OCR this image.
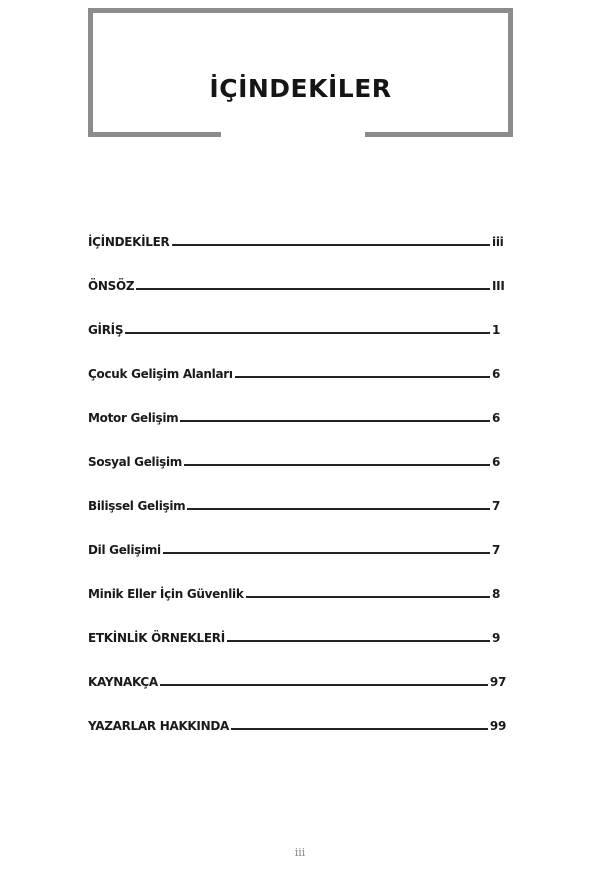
İÇİNDEKİLER
İÇİNDEKİLER	iii
ÖNSÖZ	III
GİRİŞ	1
Çocuk Gelişim Alanları	6
Motor Gelişim	6
Sosyal Gelişim	6
Bilişsel Gelişim	7
Dil Gelişimi	7
Minik Eller İçin Güvenlik	8
ETKİNLİK ÖRNEKLERİ	9
KAYNAKÇA	97
YAZARLAR HAKKINDA	99
iii
